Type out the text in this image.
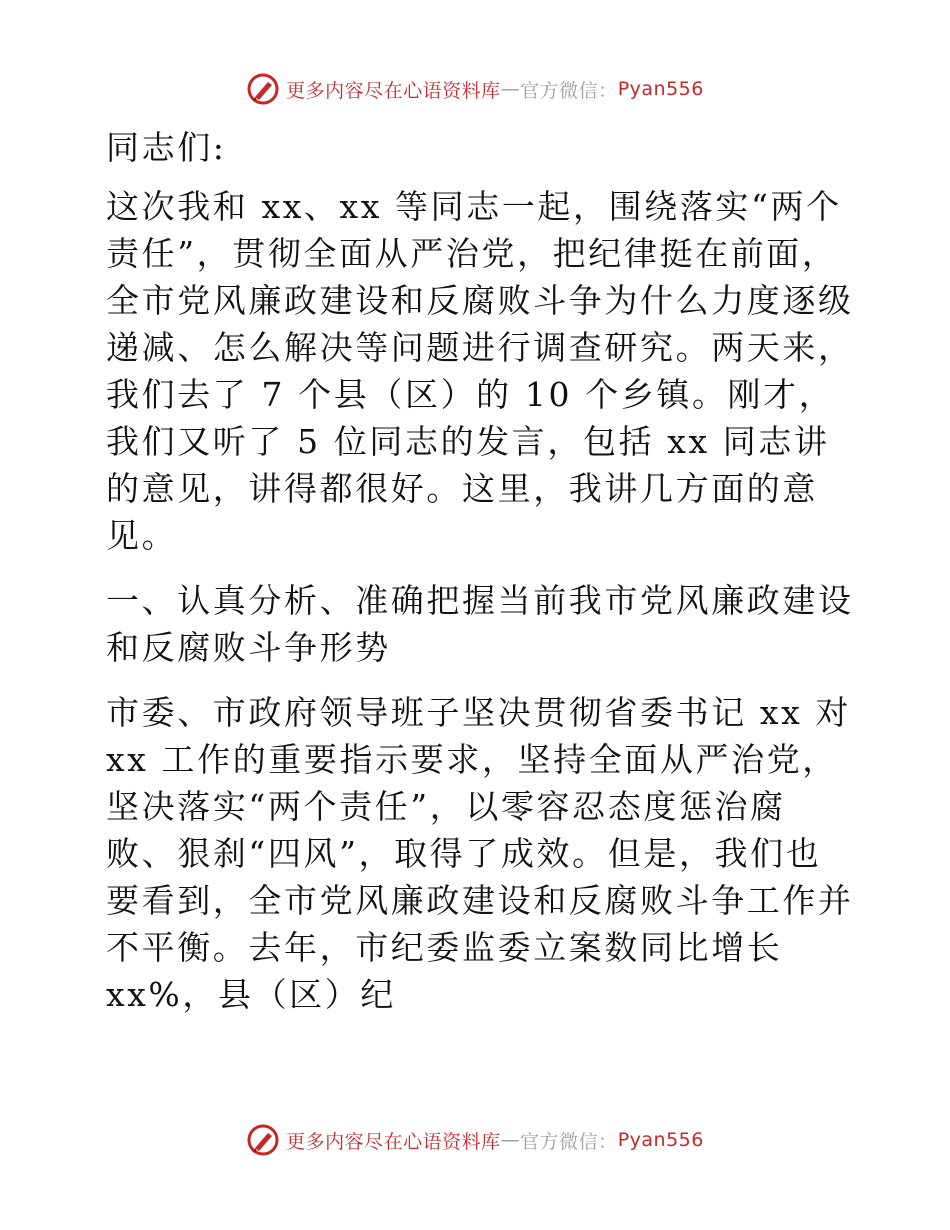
更多内容尽在心语资料库 — 官方微信： Pyan556

同志们:

这次我和 xx、xx 等同志一起，围绕落实“两个责任”，贯彻全面从严治党，把纪律挺在前面，全市党风廉政建设和反腐败斗争为什么力度逐级递减、怎么解决等问题进行调查研究。两天来，我们去了 7 个县（区）的 10 个乡镇。刚才，我们又听了 5 位同志的发言，包括 xx 同志讲的意见，讲得都很好。这里，我讲几方面的意见。

一、认真分析、准确把握当前我市党风廉政建设和反腐败斗争形势

市委、市政府领导班子坚决贯彻省委书记 xx 对 xx 工作的重要指示要求，坚持全面从严治党，坚决落实“两个责任”，以零容忍态度惩治腐败、狠刹“四风”，取得了成效。但是，我们也要看到，全市党风廉政建设和反腐败斗争工作并不平衡。去年，市纪委监委立案数同比增长 xx%，县（区）纪

更多内容尽在心语资料库 — 官方微信： Pyan556
